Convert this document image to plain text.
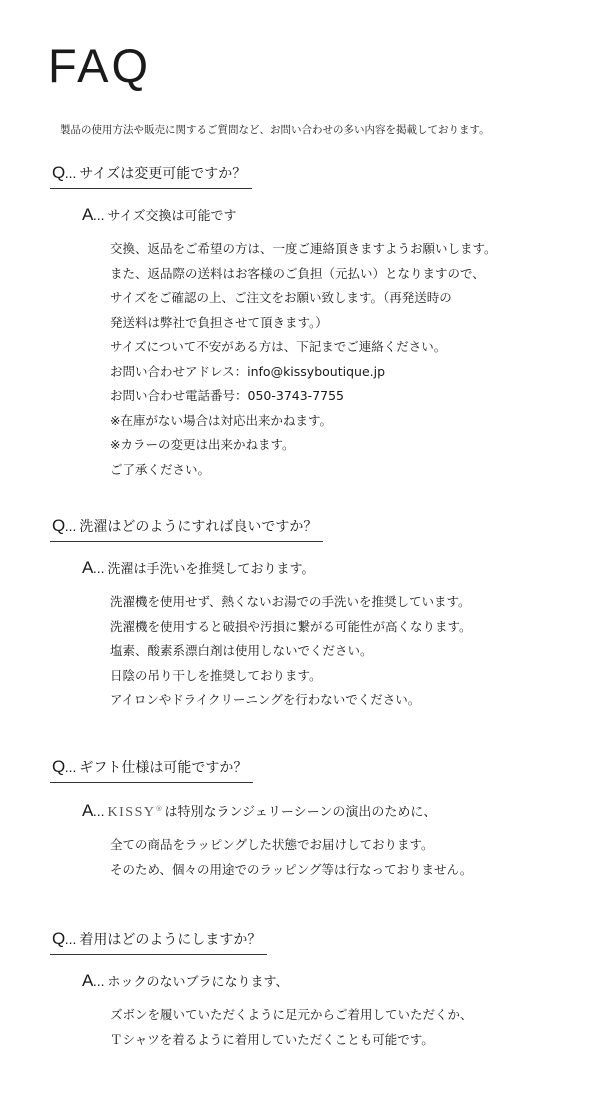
FAQ

製品の使用方法や販売に関するご質問など、お問い合わせの多い内容を掲載しております。

Q... サイズは変更可能ですか？
A... サイズ交換は可能です
交換、返品をご希望の方は、一度ご連絡頂きますようお願いします。
また、返品際の送料はお客様のご負担（元払い）となりますので、
サイズをご確認の上、ご注文をお願い致します。（再発送時の
発送料は弊社で負担させて頂きます。）
サイズについて不安がある方は、下記までご連絡ください。
お問い合わせアドレス：info@kissyboutique.jp
お問い合わせ電話番号：050-3743-7755
※在庫がない場合は対応出来かねます。
※カラーの変更は出来かねます。
ご了承ください。
Q... 洗濯はどのようにすれば良いですか？
A... 洗濯は手洗いを推奨しております。
洗濯機を使用せず、熱くないお湯での手洗いを推奨しています。
洗濯機を使用すると破損や汚損に繋がる可能性が高くなります。
塩素、酸素系漂白剤は使用しないでください。
日陰の吊り干しを推奨しております。
アイロンやドライクリーニングを行わないでください。
Q... ギフト仕様は可能ですか？
A... KISSY® は特別なランジェリーシーンの演出のために、
全ての商品をラッピングした状態でお届けしております。
そのため、個々の用途でのラッピング等は行なっておりません。
Q... 着用はどのようにしますか？
A... ホックのないブラになります、
ズボンを履いていただくように足元からご着用していただくか、
Ｔシャツを着るように着用していただくことも可能です。
